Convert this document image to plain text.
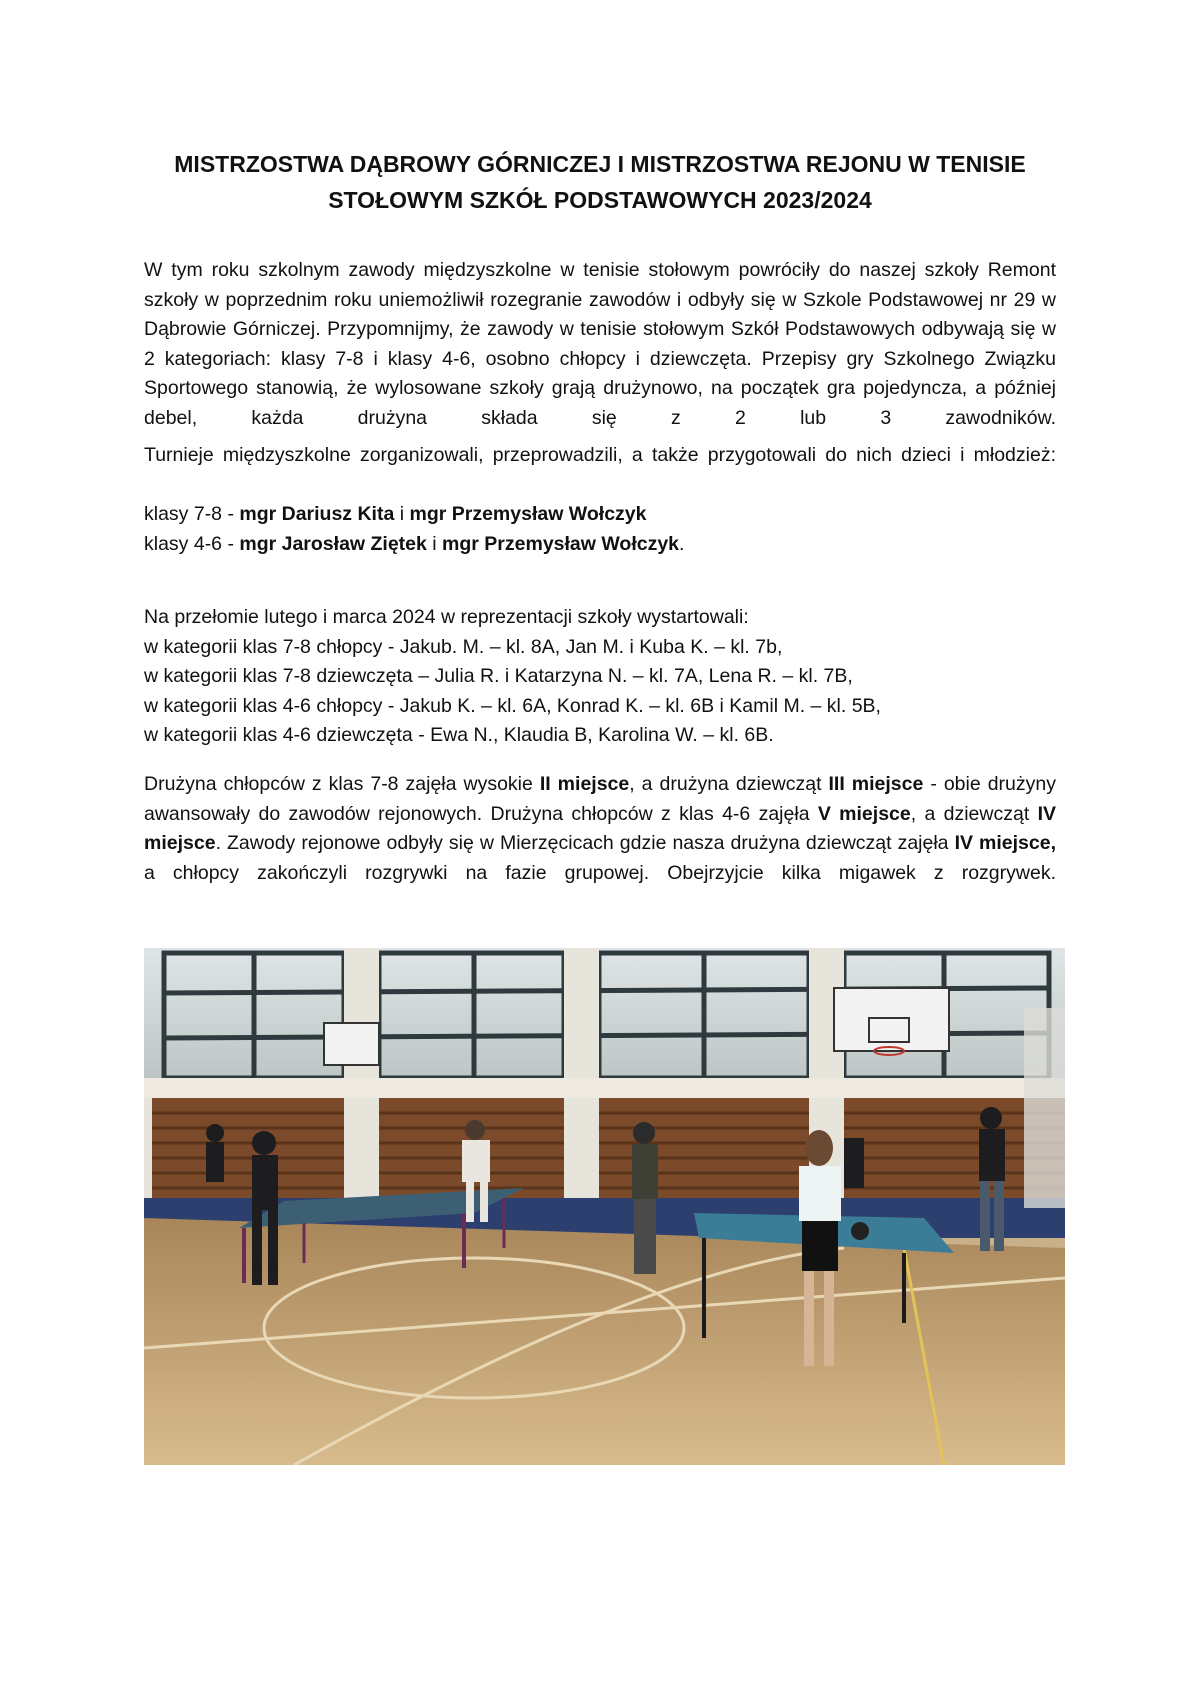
MISTRZOSTWA DĄBROWY GÓRNICZEJ I MISTRZOSTWA REJONU W TENISIE
STOŁOWYM SZKÓŁ PODSTAWOWYCH 2023/2024
W tym roku szkolnym zawody międzyszkolne w tenisie stołowym powróciły do naszej szkoły Remont szkoły w poprzednim roku uniemożliwił rozegranie zawodów i odbyły się w Szkole Podstawowej nr 29 w Dąbrowie Górniczej. Przypomnijmy, że zawody w tenisie stołowym Szkół Podstawowych odbywają się w 2 kategoriach: klasy 7-8 i klasy 4-6, osobno chłopcy i dziewczęta. Przepisy gry Szkolnego Związku Sportowego stanowią, że wylosowane szkoły grają drużynowo, na początek gra pojedyncza, a później debel, każda drużyna składa się z 2 lub 3 zawodników.
Turnieje międzyszkolne zorganizowali, przeprowadzili, a także przygotowali do nich dzieci i młodzież:
klasy 7-8 - mgr Dariusz Kita i mgr Przemysław Wołczyk
klasy 4-6 - mgr Jarosław Ziętek i mgr Przemysław Wołczyk.
Na przełomie lutego i marca 2024 w reprezentacji szkoły wystartowali:
w kategorii klas 7-8 chłopcy - Jakub. M. – kl. 8A, Jan M. i Kuba K. – kl. 7b,
w kategorii klas 7-8 dziewczęta – Julia R. i Katarzyna N. – kl. 7A, Lena R. – kl. 7B,
w kategorii klas 4-6 chłopcy - Jakub K. – kl. 6A, Konrad K. – kl. 6B i Kamil M. – kl. 5B,
w kategorii klas 4-6 dziewczęta - Ewa N., Klaudia B, Karolina W. – kl. 6B.
Drużyna chłopców z klas 7-8 zajęła wysokie II miejsce, a drużyna dziewcząt III miejsce - obie drużyny awansowały do zawodów rejonowych. Drużyna chłopców z klas 4-6 zajęła V miejsce, a dziewcząt IV miejsce. Zawody rejonowe odbyły się w Mierzęcicach gdzie nasza drużyna dziewcząt zajęła IV miejsce, a chłopcy zakończyli rozgrywki na fazie grupowej. Obejrzyjcie kilka migawek z rozgrywek.
